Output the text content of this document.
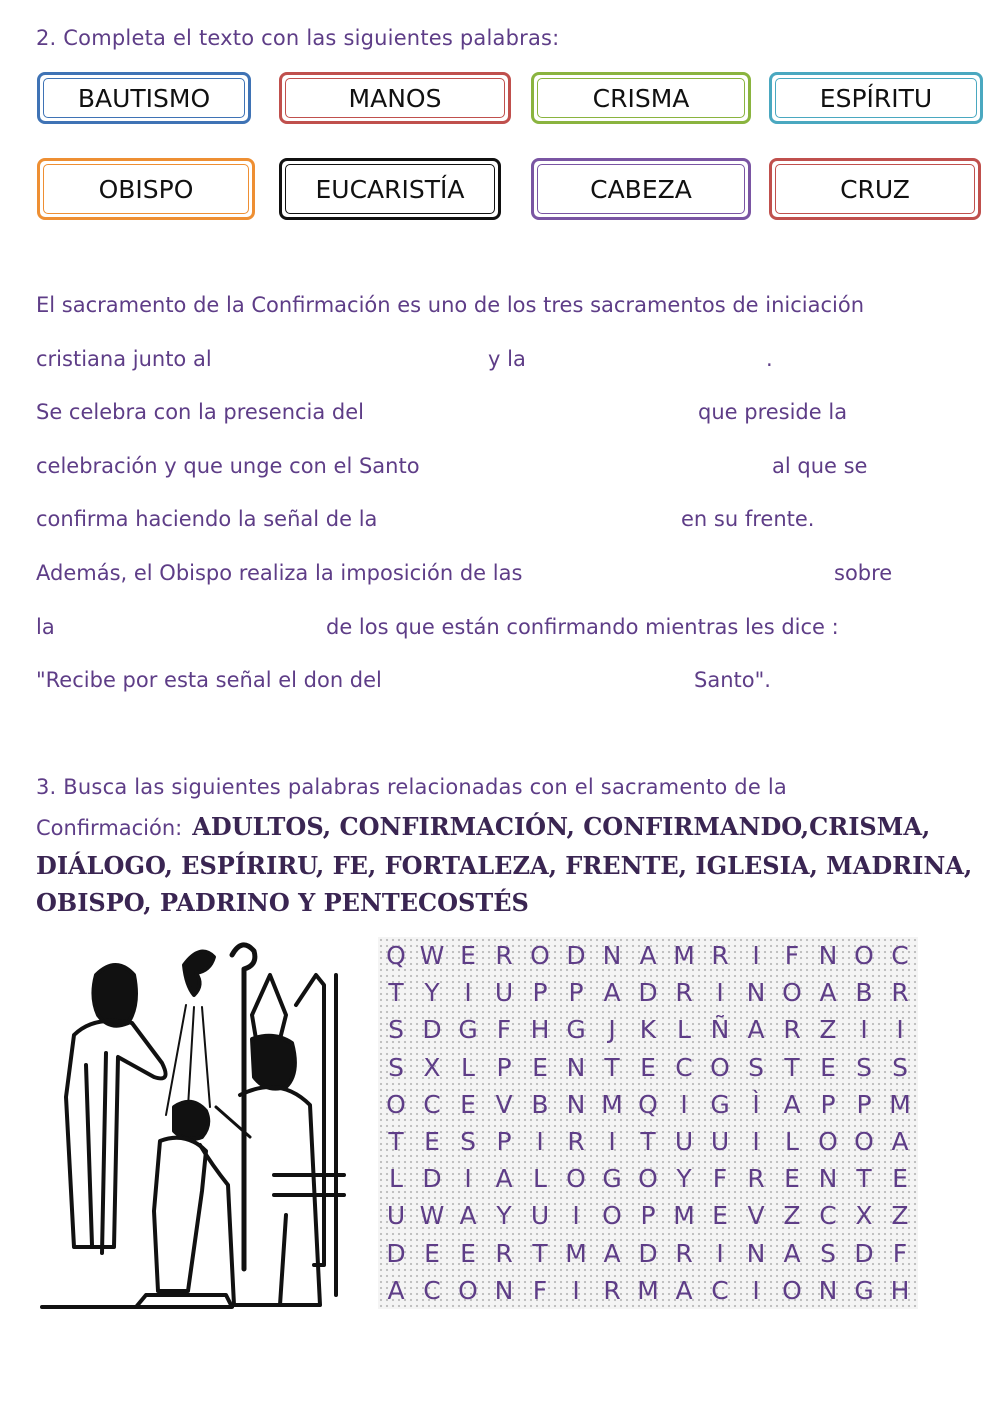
2. Completa el texto con las siguientes palabras:
BAUTISMO	MANOS	CRISMA	ESPÍRITU
OBISPO	EUCARISTÍA	CABEZA	CRUZ
El sacramento de la Confirmación es uno de los tres sacramentos de iniciación
cristiana junto al	y la	.
Se celebra con la presencia del	que preside la
celebración y que unge con el Santo	al que se
confirma haciendo la señal de la	en su frente.
Además, el Obispo realiza la imposición de las	sobre
la	de los que están confirmando mientras les dice :
"Recibe por esta señal el don del	Santo".
3. Busca las siguientes palabras relacionadas con el sacramento de la
Confirmación: ADULTOS, CONFIRMACIÓN, CONFIRMANDO,CRISMA, DIÁLOGO, ESPÍRIRU, FE, FORTALEZA, FRENTE, IGLESIA, MADRINA, OBISPO, PADRINO Y PENTECOSTÉS
Q W E R O D N A M R I	F N O C
T Y I U P P A D R I N O A B R
S D G F H G J K L Ñ A R Z I	I
S X L P E N T E C O S T E S S
O C E V B N M Q I G Ì A P P M
T E S P I R I T U U I	L O O A
L D I A L O G O Y F R E N T E
U W A Y U I O P M E V Z C X Z
D E E R T M A D R I N A S D F
A C O N F	I R M A C I O N G H
